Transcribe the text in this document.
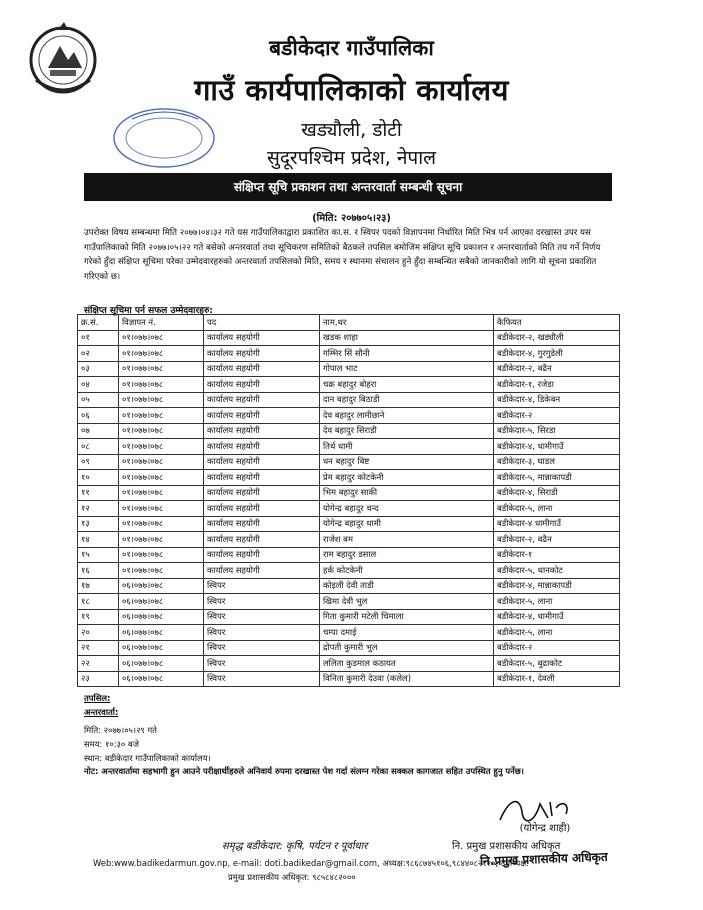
बडीकेदार गाउँपालिका
गाउँ कार्यपालिकाको कार्यालय
खड्यौली, डोटी
सुदूरपश्चिम प्रदेश, नेपाल
संक्षिप्त सूचि प्रकाशन तथा अन्तरवार्ता सम्बन्धी सूचना
(मिति: २०७७०५।२३)
उपरोक्त विषय सम्बन्धमा मिति २०७७।०४।३२ गते यस गाउँपालिकाद्वारा प्रकाशित का.स. र स्विपर पदको विज्ञापनमा निर्धारित मिति भित्र पर्न आएका दरखास्त उपर यस गाउँपालिकाको मिति २०७७।०५।२२ गते बसेको अन्तरवार्ता तथा सूचिकरण समितिको बैठकले तपसिल बमोजिम संक्षिप्त सूचि प्रकाशन र अन्तरवार्ताको मिति तय गर्ने निर्णय गरेको हुँदा संक्षिप्त सूचिमा परेका उम्मेदवारहरुको अन्तरवार्ता तपसिलको मिति, समय र स्थानमा संचालन हुने हुँदा सम्बन्धित सबैको जानकारीको लागि यो सूचना प्रकाशित गरिएको छ।
संक्षिप्त सूचिमा पर्न सफल उम्मेदवारहरु:
क्र.सं.	विज्ञापन नं.	पद	नाम,थर	कैफियत
०१	०१।०७७।०७८	कार्यालय सहयोगी	खडक शाहा	बडीकेदार-२, खड्यौली
०२	०१।०७७।०७८	कार्यालय सहयोगी	गम्भिर सिं सौनी	बडीकेदार-४, गुरगुडेली
०३	०१।०७७।०७८	कार्यालय सहयोगी	गोपाल भाट	बडीकेदार-२, बढैन
०४	०१।०७७।०७८	कार्यालय सहयोगी	चक्र बहादुर बोहरा	बडीकेदार-१, रजेडा
०५	०१।०७७।०७८	कार्यालय सहयोगी	दान बहादुर बिठाडी	बडीकेदार-४, डिकेबन
०६	०१।०७७।०७८	कार्यालय सहयोगी	देव बहादुर लामीछाने	बडीकेदार-२
०७	०१।०७७।०७८	कार्यालय सहयोगी	देव बहादुर सिराडी	बडीकेदार-५, सिरडा
०८	०१।०७७।०७८	कार्यालय सहयोगी	तिर्थ धामी	बडीकेदार-४, धामीगाउँ
०९	०१।०७७।०७८	कार्यालय सहयोगी	धन बहादुर बिष्ट	बडीकेदार-३, घाडल
१०	०१।०७७।०७८	कार्यालय सहयोगी	प्रेम बहादुर कोटकेनी	बडीकेदार-५, मान्नाकापडी
११	०१।०७७।०७८	कार्यालय सहयोगी	भिम बहादुर साकी	बडीकेदार-४, सिराडी
१२	०१।०७७।०७८	कार्यालय सहयोगी	योगेन्द्र बहादुर चन्द	बडीकेदार-५, लाना
१३	०१।०७७।०७८	कार्यालय सहयोगी	योगेन्द्र बहादुर धामी	बडीकेदार-४ धामीगाउँ
१४	०१।०७७।०७८	कार्यालय सहयोगी	राजेश बम	बडीकेदार-२, बढैन
१५	०१।०७७।०७८	कार्यालय सहयोगी	राम बहादुर डसाल	बडीकेदार-१
१६	०१।०७७।०७८	कार्यालय सहयोगी	हर्क कोटकेनी	बडीकेदार-५, थानकोट
१७	०६।०७७।०७८	स्विपर	कोइली देवी ताडी	बडीकेदार-४, मान्नाकापडी
१८	०६।०७७।०७८	स्विपर	खिमा देवी भुल	बडीकेदार-५, लाना
१९	०६।०७७।०७८	स्विपर	गिता कुमारी मटेली चिमाला	बडीकेदार-४, धामीगाउँ
२०	०६।०७७।०७८	स्विपर	चम्पा दमाई	बडीकेदार-५, लाना
२१	०६।०७७।०७८	स्विपर	द्रोपती कुमारी भुल	बडीकेदार-२
२२	०६।०७७।०७८	स्विपर	ललिता कुडमाल कठायत	बडीकेदार-५, बुढाकोट
२३	०६।०७७।०७८	स्विपर	विनिता कुमारी देउवा (कलेल)	बडीकेदार-१, देवली
तपसिल:
अन्तरवार्ता:
मिति: २०७७।०५।२९ गते
समय: १०:३० बजे
स्थान: बडीकेदार गाउँपालिकाको कार्यालय।
नोट: अन्तरवार्तामा सहभागी हुन आउने परीक्षार्थीहरुले अनिवार्य रुपमा दरखास्त पेश गर्दा संलग्न गरेका सक्कल कागजात सहित उपस्थित हुनु पर्नेछ।
(योगेन्द्र शाही)
नि. प्रमुख प्रशासकीय अधिकृत
नि.प्रमुख प्रशासकीय अधिकृत
समृद्ध बडीकेदार: कृषि, पर्यटन र पूर्वाधार
Web:www.badikedarmun.gov.np, e-mail: doti.badikedar@gmail.com, अध्यक्ष:९८६८७४५१०६,९८४४०८२१२०, उपाध्यक्ष:
प्रमुख प्रशासकीय अधिकृत: ९८५८४८२०००
